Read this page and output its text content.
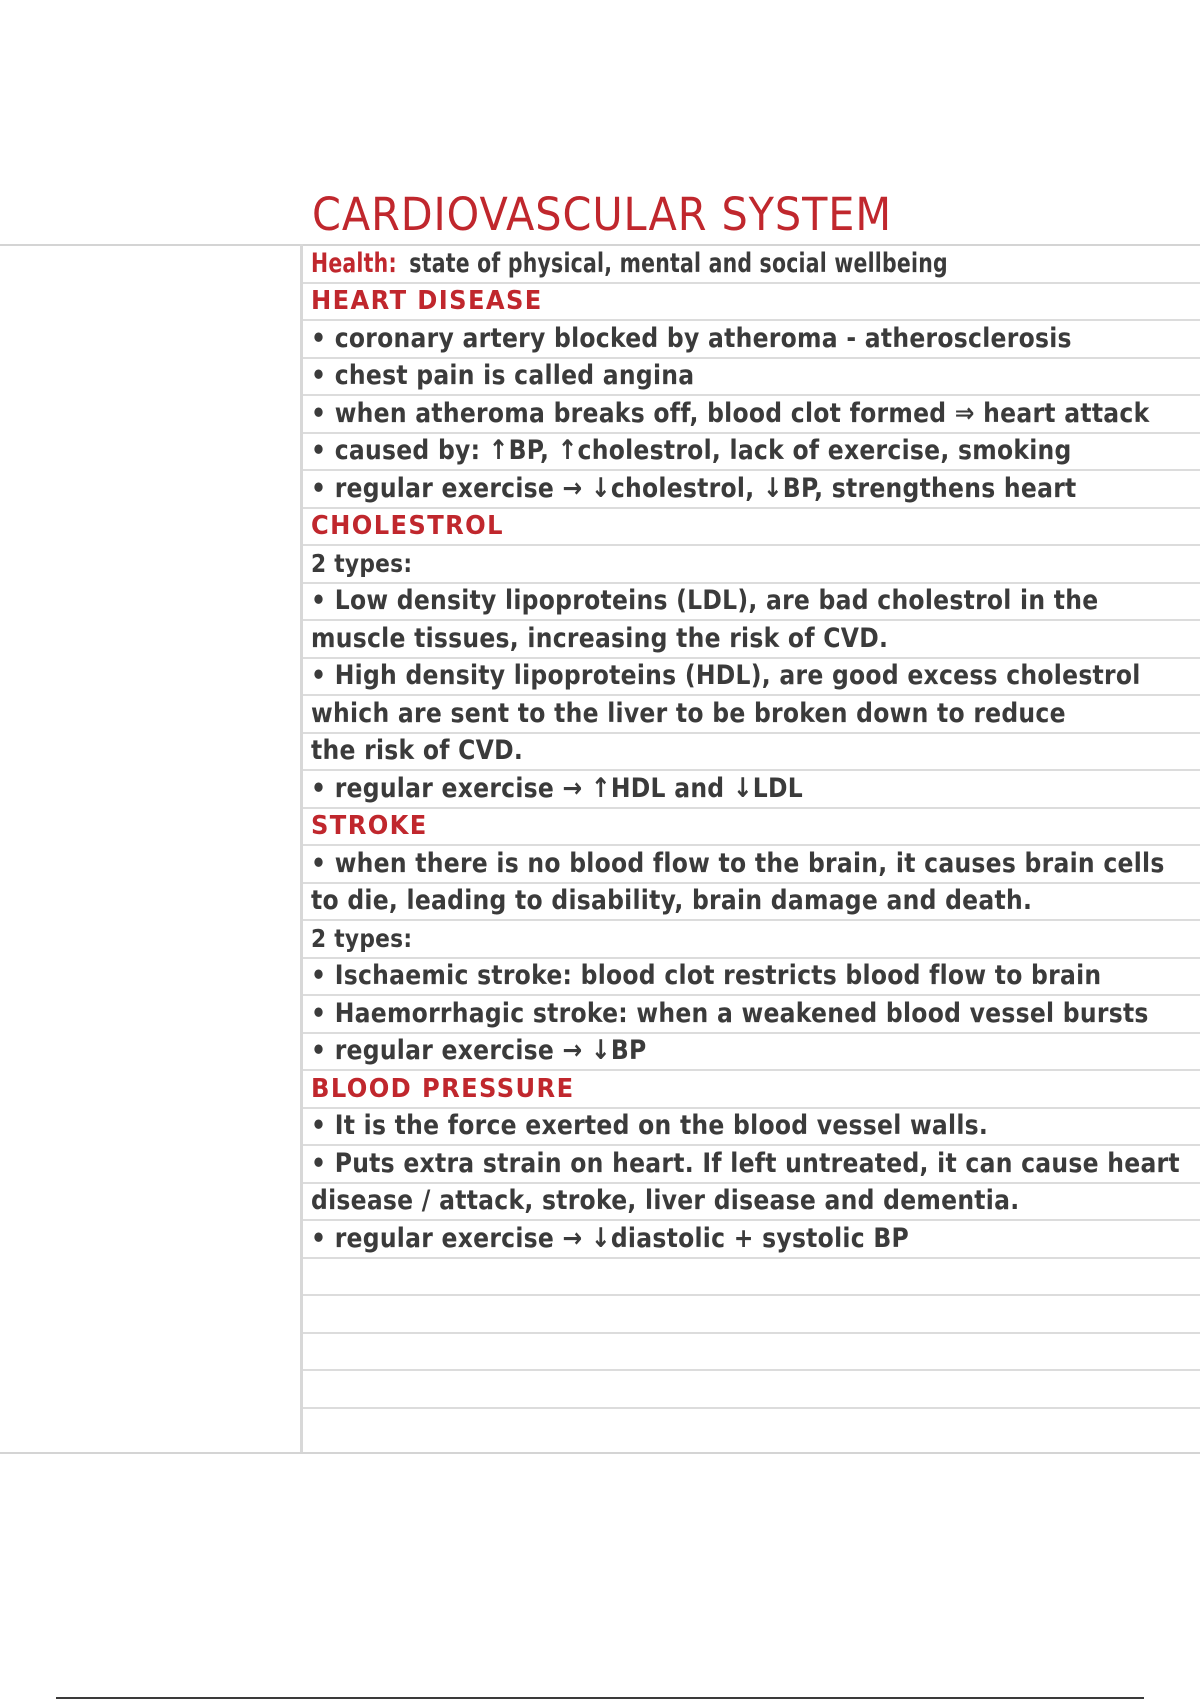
CARDIOVASCULAR SYSTEM
Health:state of physical, mental and social wellbeing
HEART DISEASE
• coronary artery blocked by atheroma - atherosclerosis
• chest pain is called angina
• when atheroma breaks off, blood clot formed ⇒ heart attack
• caused by: ↑BP, ↑cholestrol, lack of exercise, smoking
• regular exercise → ↓cholestrol, ↓BP, strengthens heart
CHOLESTROL
2 types:
• Low density lipoproteins (LDL), are bad cholestrol in the
muscle tissues, increasing the risk of CVD.
• High density lipoproteins (HDL), are good excess cholestrol
which are sent to the liver to be broken down to reduce
the risk of CVD.
• regular exercise → ↑HDL and ↓LDL
STROKE
• when there is no blood flow to the brain, it causes brain cells
to die, leading to disability, brain damage and death.
2 types:
• Ischaemic stroke: blood clot restricts blood flow to brain
• Haemorrhagic stroke: when a weakened blood vessel bursts
• regular exercise → ↓BP
BLOOD PRESSURE
• It is the force exerted on the blood vessel walls.
• Puts extra strain on heart. If left untreated, it can cause heart
disease / attack, stroke, liver disease and dementia.
• regular exercise → ↓diastolic + systolic BP
